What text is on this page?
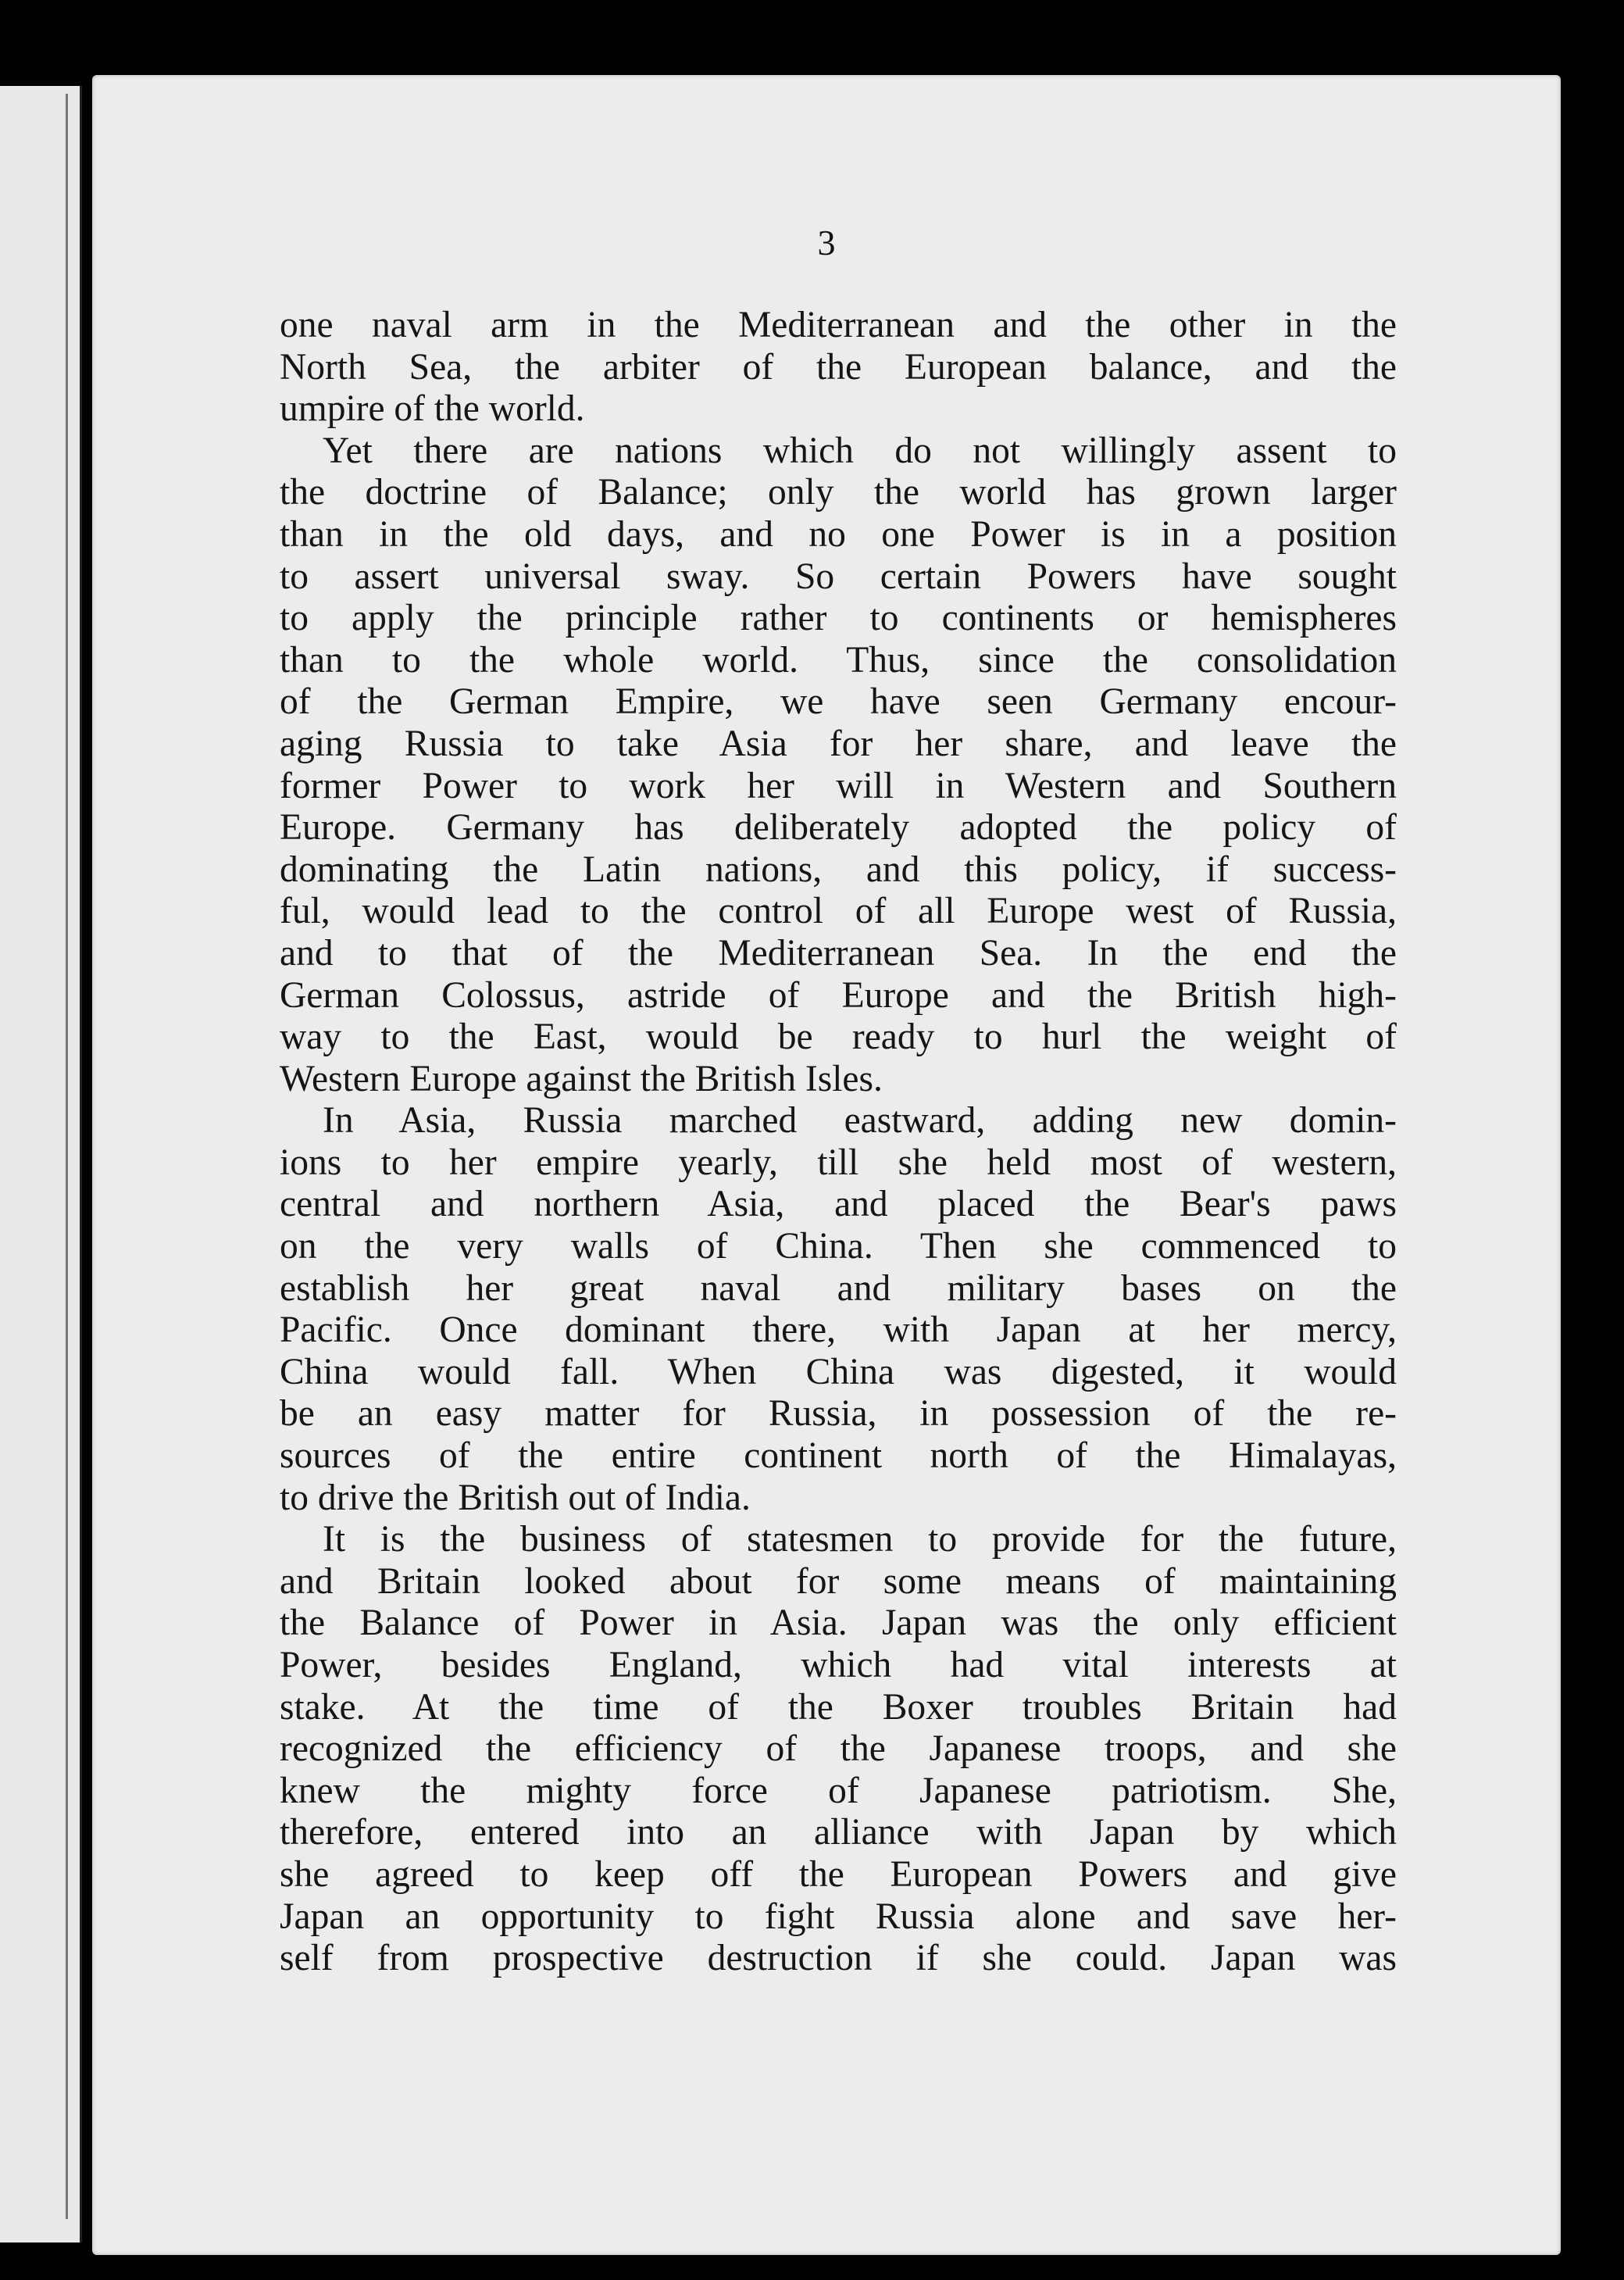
3
one naval arm in the Mediterranean and the other in the
North Sea, the arbiter of the European balance, and the
umpire of the world.
Yet there are nations which do not willingly assent to
the doctrine of Balance; only the world has grown larger
than in the old days, and no one Power is in a position
to assert universal sway. So certain Powers have sought
to apply the principle rather to continents or hemispheres
than to the whole world. Thus, since the consolidation
of the German Empire, we have seen Germany encour-
aging Russia to take Asia for her share, and leave the
former Power to work her will in Western and Southern
Europe. Germany has deliberately adopted the policy of
dominating the Latin nations, and this policy, if success-
ful, would lead to the control of all Europe west of Russia,
and to that of the Mediterranean Sea. In the end the
German Colossus, astride of Europe and the British high-
way to the East, would be ready to hurl the weight of
Western Europe against the British Isles.
In Asia, Russia marched eastward, adding new domin-
ions to her empire yearly, till she held most of western,
central and northern Asia, and placed the Bear's paws
on the very walls of China. Then she commenced to
establish her great naval and military bases on the
Pacific. Once dominant there, with Japan at her mercy,
China would fall. When China was digested, it would
be an easy matter for Russia, in possession of the re-
sources of the entire continent north of the Himalayas,
to drive the British out of India.
It is the business of statesmen to provide for the future,
and Britain looked about for some means of maintaining
the Balance of Power in Asia. Japan was the only efficient
Power, besides England, which had vital interests at
stake. At the time of the Boxer troubles Britain had
recognized the efficiency of the Japanese troops, and she
knew the mighty force of Japanese patriotism. She,
therefore, entered into an alliance with Japan by which
she agreed to keep off the European Powers and give
Japan an opportunity to fight Russia alone and save her-
self from prospective destruction if she could. Japan was
